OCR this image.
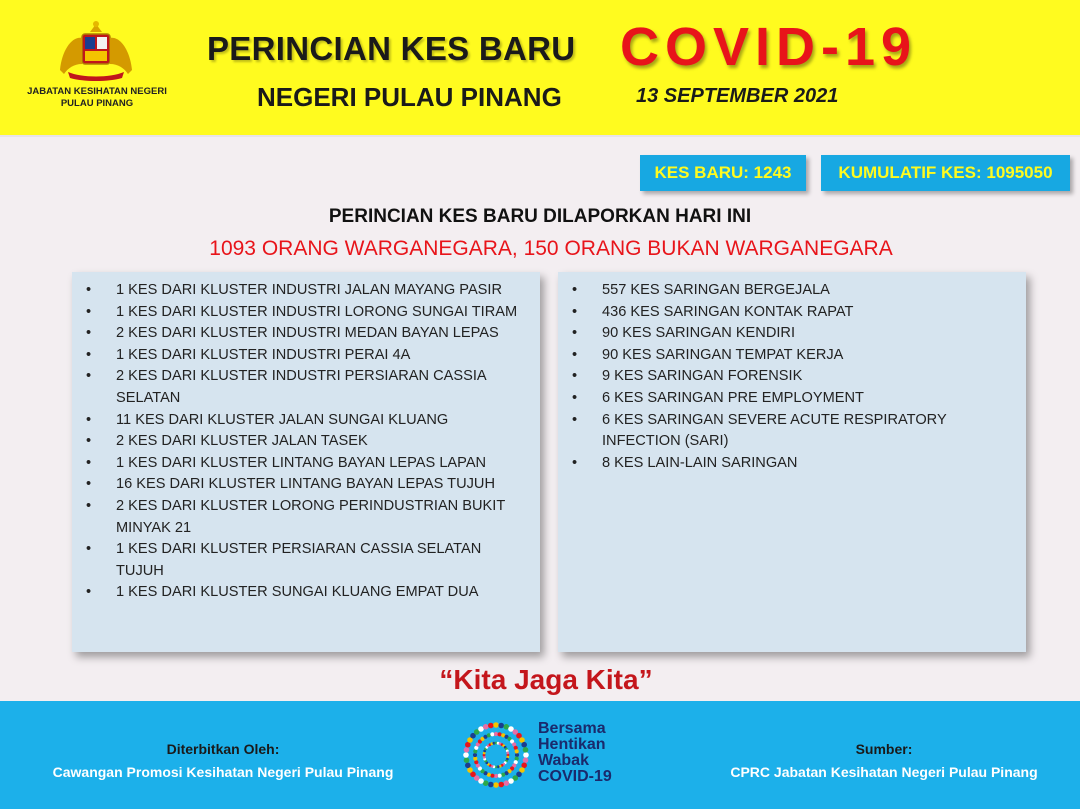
JABATAN KESIHATAN NEGERI
PULAU PINANG
PERINCIAN KES BARU COVID-19
NEGERI PULAU PINANG	13 SEPTEMBER 2021
KES BARU: 1243	KUMULATIF KES: 1095050
PERINCIAN KES BARU DILAPORKAN HARI INI
1093 ORANG WARGANEGARA, 150 ORANG BUKAN WARGANEGARA
• 1 KES DARI KLUSTER INDUSTRI JALAN MAYANG PASIR
• 1 KES DARI KLUSTER INDUSTRI LORONG SUNGAI TIRAM
• 2 KES DARI KLUSTER INDUSTRI MEDAN BAYAN LEPAS
• 1 KES DARI KLUSTER INDUSTRI PERAI 4A
• 2 KES DARI KLUSTER INDUSTRI PERSIARAN CASSIA SELATAN
• 11 KES DARI KLUSTER JALAN SUNGAI KLUANG
• 2 KES DARI KLUSTER JALAN TASEK
• 1 KES DARI KLUSTER LINTANG BAYAN LEPAS LAPAN
• 16 KES DARI KLUSTER LINTANG BAYAN LEPAS TUJUH
• 2 KES DARI KLUSTER LORONG PERINDUSTRIAN BUKIT MINYAK 21
• 1 KES DARI KLUSTER PERSIARAN CASSIA SELATAN TUJUH
• 1 KES DARI KLUSTER SUNGAI KLUANG EMPAT DUA
• 557 KES SARINGAN BERGEJALA
• 436 KES SARINGAN KONTAK RAPAT
• 90 KES SARINGAN KENDIRI
• 90 KES SARINGAN TEMPAT KERJA
• 9 KES SARINGAN FORENSIK
• 6 KES SARINGAN PRE EMPLOYMENT
• 6 KES SARINGAN SEVERE ACUTE RESPIRATORY INFECTION (SARI)
• 8 KES LAIN-LAIN SARINGAN
“Kita Jaga Kita”
Diterbitkan Oleh:
Cawangan Promosi Kesihatan Negeri Pulau Pinang
Bersama
Hentikan
Wabak
COVID-19
Sumber:
CPRC Jabatan Kesihatan Negeri Pulau Pinang
